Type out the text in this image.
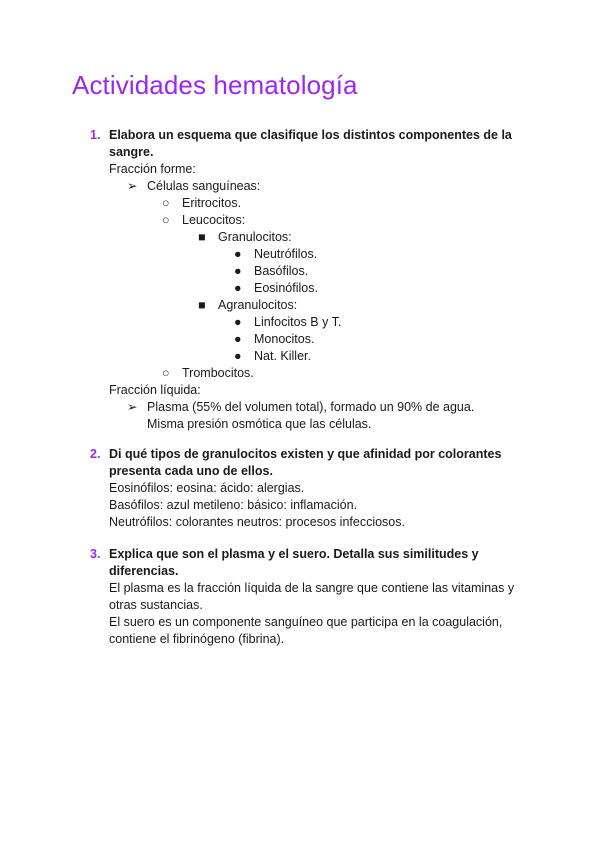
Actividades hematología
1. Elabora un esquema que clasifique los distintos componentes de la sangre.
Fracción forme:
➢ Células sanguíneas:
○ Eritrocitos.
○ Leucocitos:
■ Granulocitos:
● Neutrófilos.
● Basófilos.
● Eosinófilos.
■ Agranulocitos:
● Linfocitos B y T.
● Monocitos.
● Nat. Killer.
○ Trombocitos.
Fracción líquida:
➢ Plasma (55% del volumen total), formado un 90% de agua.
Misma presión osmótica que las células.
2. Di qué tipos de granulocitos existen y que afinidad por colorantes presenta cada uno de ellos.
Eosinófilos: eosina: ácido: alergias.
Basófilos: azul metileno: básico: inflamación.
Neutrófilos: colorantes neutros: procesos infecciosos.
3. Explica que son el plasma y el suero. Detalla sus similitudes y diferencias.
El plasma es la fracción líquida de la sangre que contiene las vitaminas y otras sustancias.
El suero es un componente sanguíneo que participa en la coagulación, contiene el fibrinógeno (fibrina).
